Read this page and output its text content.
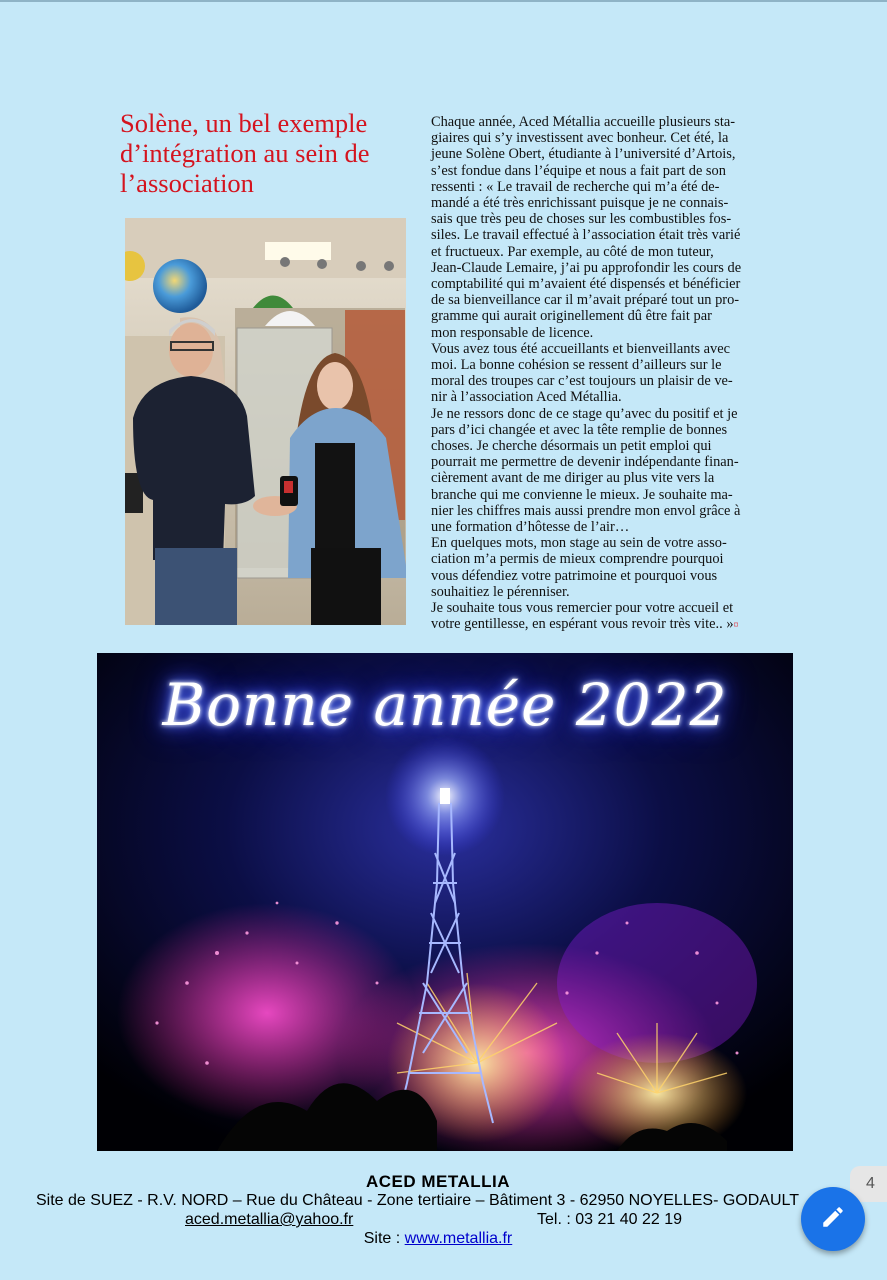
Solène, un bel exemple
d’intégration au sein de
l’association
Chaque année, Aced Métallia accueille plusieurs sta-
giaires qui s’y investissent avec bonheur. Cet été, la
jeune Solène Obert, étudiante à l’université d’Artois,
s’est fondue dans l’équipe et nous a fait part de son
ressenti : « Le travail de recherche qui m’a été de-
mandé a été très enrichissant puisque je ne connais-
sais que très peu de choses sur les combustibles fos-
siles. Le travail effectué à l’association était très varié
et fructueux. Par exemple, au côté de mon tuteur,
Jean-Claude Lemaire, j’ai pu approfondir les cours de
comptabilité qui m’avaient été dispensés et bénéficier
de sa bienveillance car il m’avait préparé tout un pro-
gramme qui aurait originellement dû être fait par
mon responsable de licence.
Vous avez tous été accueillants et bienveillants avec
moi. La bonne cohésion se ressent d’ailleurs sur le
moral des troupes car c’est toujours un plaisir de ve-
nir à l’association Aced Métallia.
Je ne ressors donc de ce stage qu’avec du positif et je
pars d’ici changée et avec la tête remplie de bonnes
choses. Je cherche désormais un petit emploi qui
pourrait me permettre de devenir indépendante finan-
cièrement avant de me diriger au plus vite vers la
branche qui me convienne le mieux. Je souhaite ma-
nier les chiffres mais aussi prendre mon envol grâce à
une formation d’hôtesse de l’air…
En quelques mots, mon stage au sein de votre asso-
ciation m’a permis de mieux comprendre pourquoi
vous défendiez votre patrimoine et pourquoi vous
souhaitiez le pérenniser.
Je souhaite tous vous remercier pour votre accueil et
votre gentillesse, en espérant vous revoir très vite.. »¤
Bonne année 2022
ACED METALLIA
Site de SUEZ - R.V. NORD – Rue du Château - Zone tertiaire – Bâtiment 3 - 62950 NOYELLES- GODAULT
aced.metallia@yahoo.fr	Tel. : 03 21 40 22 19
Site : www.metallia.fr
4
